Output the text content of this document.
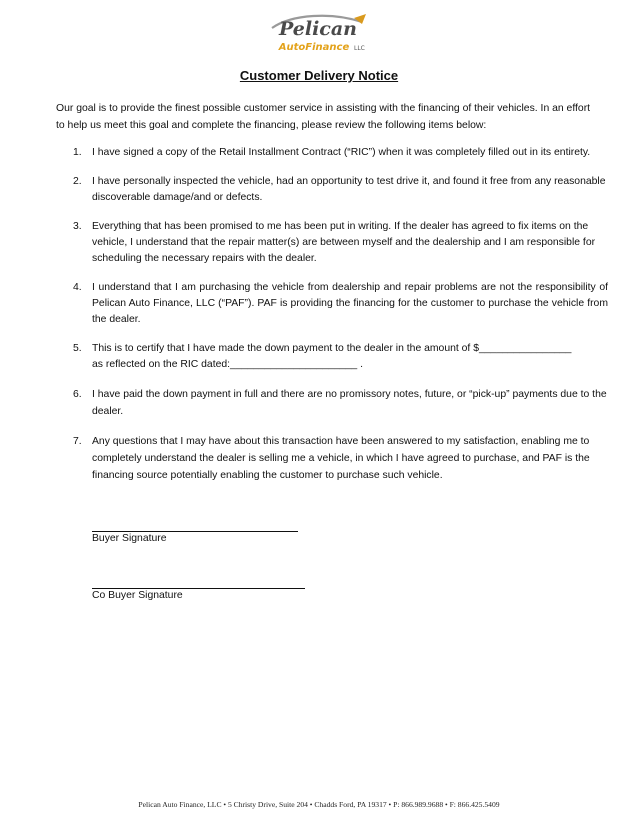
Pelican
AutoFinance LLC
Customer Delivery Notice

Our goal is to provide the finest possible customer service in assisting with the financing of their vehicles. In an effort to help us meet this goal and complete the financing, please review the following items below:

1. I have signed a copy of the Retail Installment Contract (“RIC”) when it was completely filled out in its entirety.
2. I have personally inspected the vehicle, had an opportunity to test drive it, and found it free from any reasonable discoverable damage/and or defects.
3. Everything that has been promised to me has been put in writing. If the dealer has agreed to fix items on the vehicle, I understand that the repair matter(s) are between myself and the dealership and I am responsible for scheduling the necessary repairs with the dealer.
4. I understand that I am purchasing the vehicle from dealership and repair problems are not the responsibility of Pelican Auto Finance, LLC (“PAF”). PAF is providing the financing for the customer to purchase the vehicle from the dealer.
5. This is to certify that I have made the down payment to the dealer in the amount of $________________
as reflected on the RIC dated:______________________ .
6. I have paid the down payment in full and there are no promissory notes, future, or “pick-up” payments due to the dealer.
7. Any questions that I may have about this transaction have been answered to my satisfaction, enabling me to completely understand the dealer is selling me a vehicle, in which I have agreed to purchase, and PAF is the financing source potentially enabling the customer to purchase such vehicle.
Buyer Signature
Co Buyer Signature
Pelican Auto Finance, LLC • 5 Christy Drive, Suite 204 • Chadds Ford, PA 19317 • P: 866.989.9688 • F: 866.425.5409
